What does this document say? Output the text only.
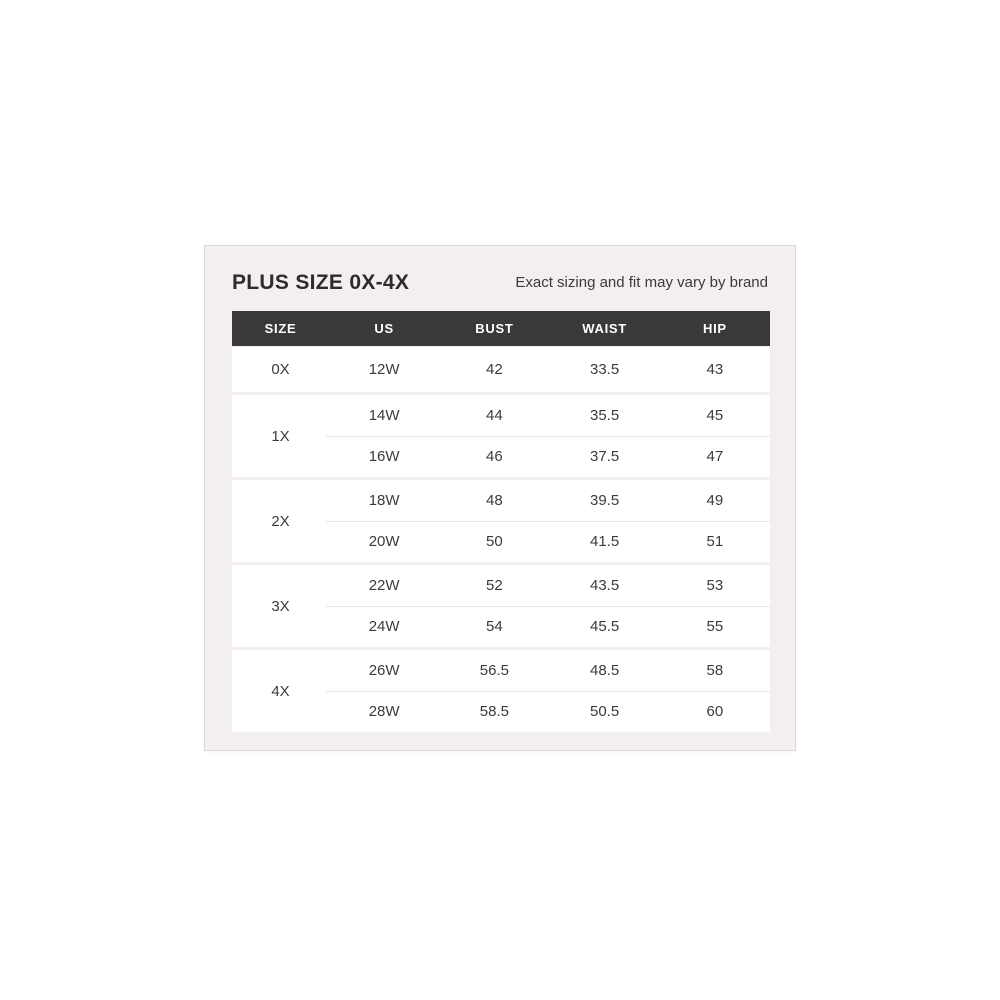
PLUS SIZE 0X-4X	Exact sizing and fit may vary by brand
SIZE	US	BUST	WAIST	HIP
0X	12W	42	33.5	43
1X
14W	44	35.5	45
16W	46	37.5	47
2X
18W	48	39.5	49
20W	50	41.5	51
3X
22W	52	43.5	53
24W	54	45.5	55
4X
26W	56.5	48.5	58
28W	58.5	50.5	60
